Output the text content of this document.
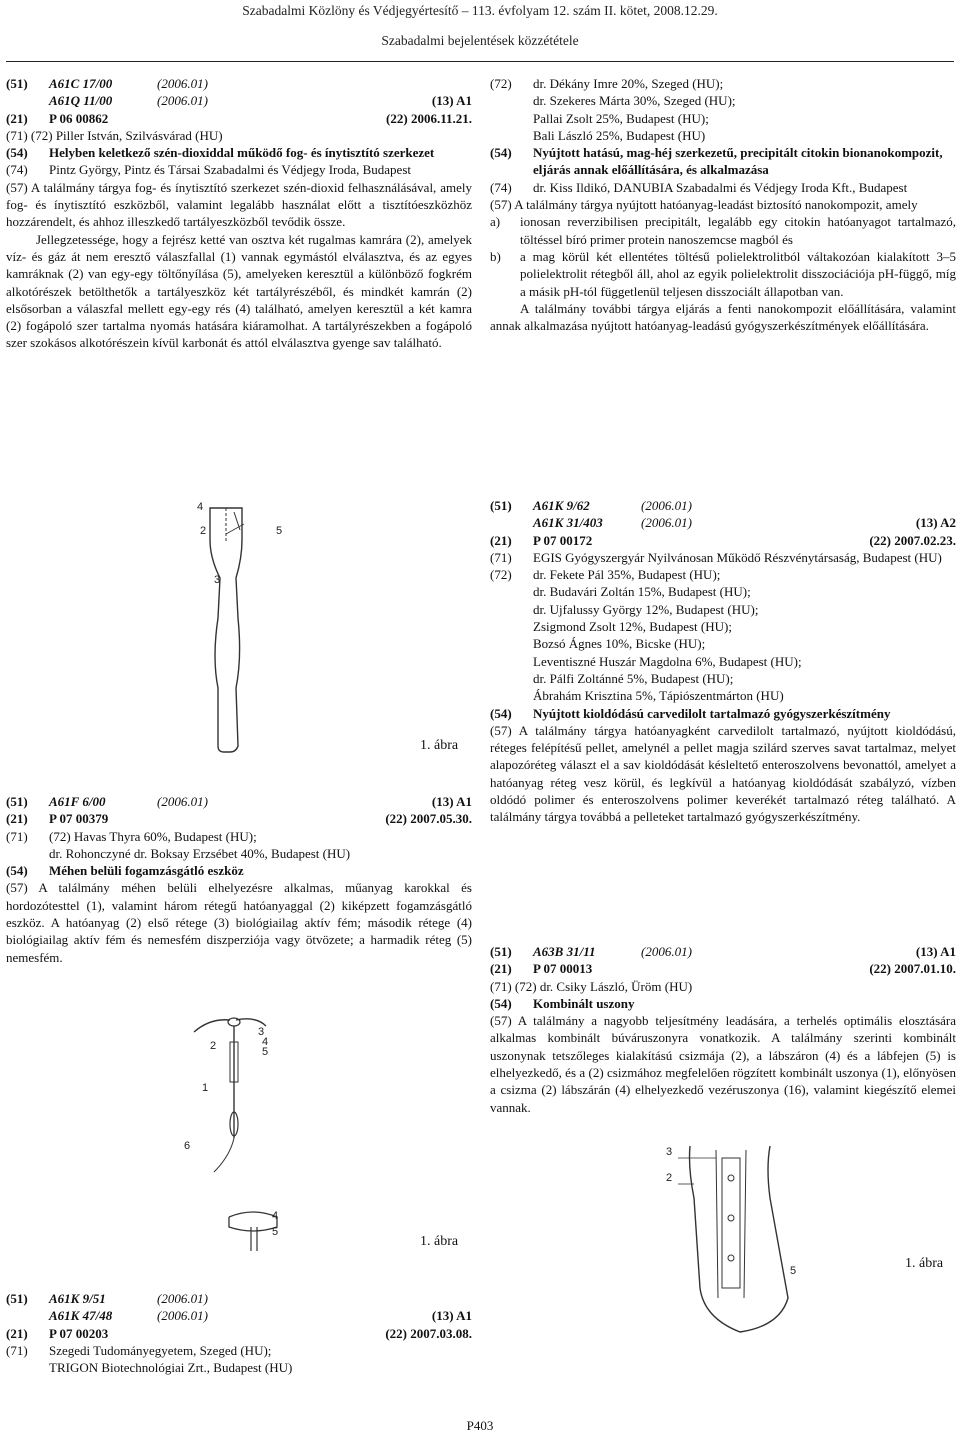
Szabadalmi Közlöny és Védjegyértesítő – 113. évfolyam 12. szám II. kötet, 2008.12.29.
Szabadalmi bejelentések közzététele
(51)	A61C 17/00	(2006.01)
A61Q 11/00	(2006.01)	(13) A1
(21)	P 06 00862	(22) 2006.11.21.
(71) (72) Piller István, Szilvásvárad (HU)
(54)	Helyben keletkező szén-dioxiddal működő fog- és ínytisztító szerkezet
(74)	Pintz György, Pintz és Társai Szabadalmi és Védjegy Iroda, Budapest
(57) A találmány tárgya fog- és ínytisztító szerkezet szén-dioxid felhasználásával, amely fog- és ínytisztító eszközből, valamint legalább használat előtt a tisztítóeszközhöz hozzárendelt, és ahhoz illeszkedő tartályeszközből tevődik össze.
Jellegzetessége, hogy a fejrész ketté van osztva két rugalmas kamrára (2), amelyek víz- és gáz át nem eresztő válaszfallal (1) vannak egymástól elválasztva, és az egyes kamráknak (2) van egy-egy töltőnyílása (5), amelyeken keresztül a különböző fogkrém alkotórészek betölthetők a tartályeszköz két tartályrészéből, és mindkét kamrán (2) elsősorban a válaszfal mellett egy-egy rés (4) található, amelyen keresztül a két kamra (2) fogápoló szer tartalma nyomás hatására kiáramolhat. A tartályrészekben a fogápoló szer szokásos alkotórészein kívül karbonát és attól elválasztva gyenge sav található.
4
2	5
3
1. ábra
(51)	A61F 6/00	(2006.01)	(13) A1
(21)	P 07 00379	(22) 2007.05.30.
(71)	(72) Havas Thyra 60%, Budapest (HU);
dr. Rohonczyné dr. Boksay Erzsébet 40%, Budapest (HU)
(54)	Méhen belüli fogamzásgátló eszköz
(57) A találmány méhen belüli elhelyezésre alkalmas, műanyag karokkal és hordozótesttel (1), valamint három rétegű hatóanyaggal (2) kiképzett fogamzásgátló eszköz. A hatóanyag (2) első rétege (3) biológiailag aktív fém; második rétege (4) biológiailag aktív fém és nemesfém diszperziója vagy ötvözete; a harmadik réteg (5) nemesfém.
3
4
5
2
1
6
4
5
1. ábra
(51)	A61K 9/51	(2006.01)
A61K 47/48	(2006.01)	(13) A1
(21)	P 07 00203	(22) 2007.03.08.
(71)	Szegedi Tudományegyetem, Szeged (HU);
TRIGON Biotechnológiai Zrt., Budapest (HU)
(72)	dr. Dékány Imre 20%, Szeged (HU);
dr. Szekeres Márta 30%, Szeged (HU);
Pallai Zsolt 25%, Budapest (HU);
Bali László 25%, Budapest (HU)
(54)	Nyújtott hatású, mag-héj szerkezetű, precipitált citokin bionanokompozit, eljárás annak előállítására, és alkalmazása
(74)	dr. Kiss Ildikó, DANUBIA Szabadalmi és Védjegy Iroda Kft., Budapest
(57) A találmány tárgya nyújtott hatóanyag-leadást biztosító nanokompozit, amely
a)	ionosan reverzibilisen precipitált, legalább egy citokin hatóanyagot tartalmazó, töltéssel bíró primer protein nanoszemcse magból és
b)	a mag körül két ellentétes töltésű polielektrolitból váltakozóan kialakított 3–5 polielektrolit rétegből áll, ahol az egyik polielektrolit disszociációja pH-függő, míg a másik pH-tól függetlenül teljesen disszociált állapotban van.
A találmány további tárgya eljárás a fenti nanokompozit előállítására, valamint annak alkalmazása nyújtott hatóanyag-leadású gyógyszerkészítmények előállítására.
(51)	A61K 9/62	(2006.01)
A61K 31/403	(2006.01)	(13) A2
(21)	P 07 00172	(22) 2007.02.23.
(71)	EGIS Gyógyszergyár Nyilvánosan Működő Részvénytársaság, Budapest (HU)
(72)	dr. Fekete Pál 35%, Budapest (HU);
dr. Budavári Zoltán 15%, Budapest (HU);
dr. Ujfalussy György 12%, Budapest (HU);
Zsigmond Zsolt 12%, Budapest (HU);
Bozsó Ágnes 10%, Bicske (HU);
Leventiszné Huszár Magdolna 6%, Budapest (HU);
dr. Pálfi Zoltánné 5%, Budapest (HU);
Ábrahám Krisztina 5%, Tápiószentmárton (HU)
(54)	Nyújtott kioldódású carvedilolt tartalmazó gyógyszerkészítmény
(57) A találmány tárgya hatóanyagként carvedilolt tartalmazó, nyújtott kioldódású, réteges felépítésű pellet, amelynél a pellet magja szilárd szerves savat tartalmaz, melyet alapozóréteg választ el a sav kioldódását késleltető enteroszolvens bevonattól, amelyet a hatóanyag réteg vesz körül, és legkívül a hatóanyag kioldódását szabályzó, vízben oldódó polimer és enteroszolvens polimer keverékét tartalmazó réteg található. A találmány tárgya továbbá a pelleteket tartalmazó gyógyszerkészítmény.
(51)	A63B 31/11	(2006.01)	(13) A1
(21)	P 07 00013	(22) 2007.01.10.
(71) (72) dr. Csiky László, Üröm (HU)
(54)	Kombinált uszony
(57) A találmány a nagyobb teljesítmény leadására, a terhelés optimális elosztására alkalmas kombinált búváruszonyra vonatkozik. A találmány szerinti kombinált uszonynak tetszőleges kialakítású csizmája (2), a lábszáron (4) és a lábfejen (5) is elhelyezkedő, és a (2) csizmához megfelelően rögzített kombinált uszonya (1), előnyösen a csizma (2) lábszárán (4) elhelyezkedő vezéruszonya (16), valamint kiegészítő elemei vannak.
3
2
5	1. ábra
P403
